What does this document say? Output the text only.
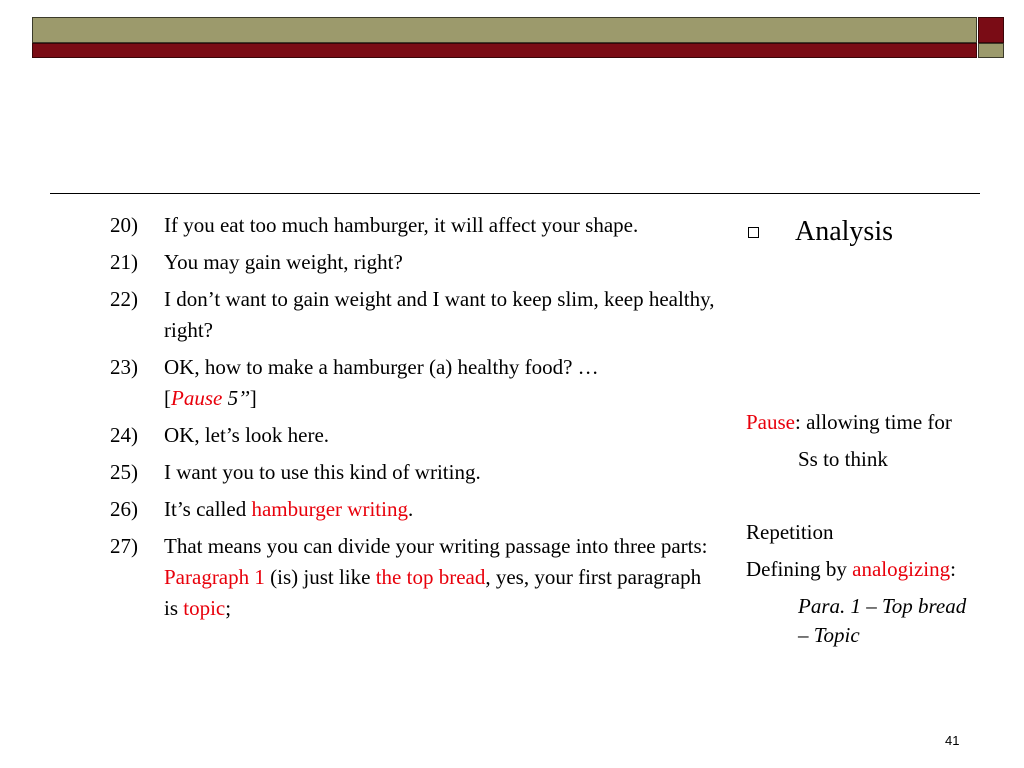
20)	If you eat too much hamburger, it will affect your shape.
21)	You may gain weight, right?
22)	I don’t want to gain weight and I want to keep slim, keep healthy, right?
23)	OK, how to make a hamburger (a) healthy food? …
[Pause 5’’]
24)	OK, let’s look here.
25)	I want you to use this kind of writing.
26)	It’s called hamburger writing.
27)	That means you can divide your writing passage into three parts: Paragraph 1 (is) just like the top bread, yes, your first paragraph is topic;
Analysis

Pause: allowing time for

Ss to think

Repetition

Defining by analogizing:

Para. 1 – Top bread
– Topic

41
